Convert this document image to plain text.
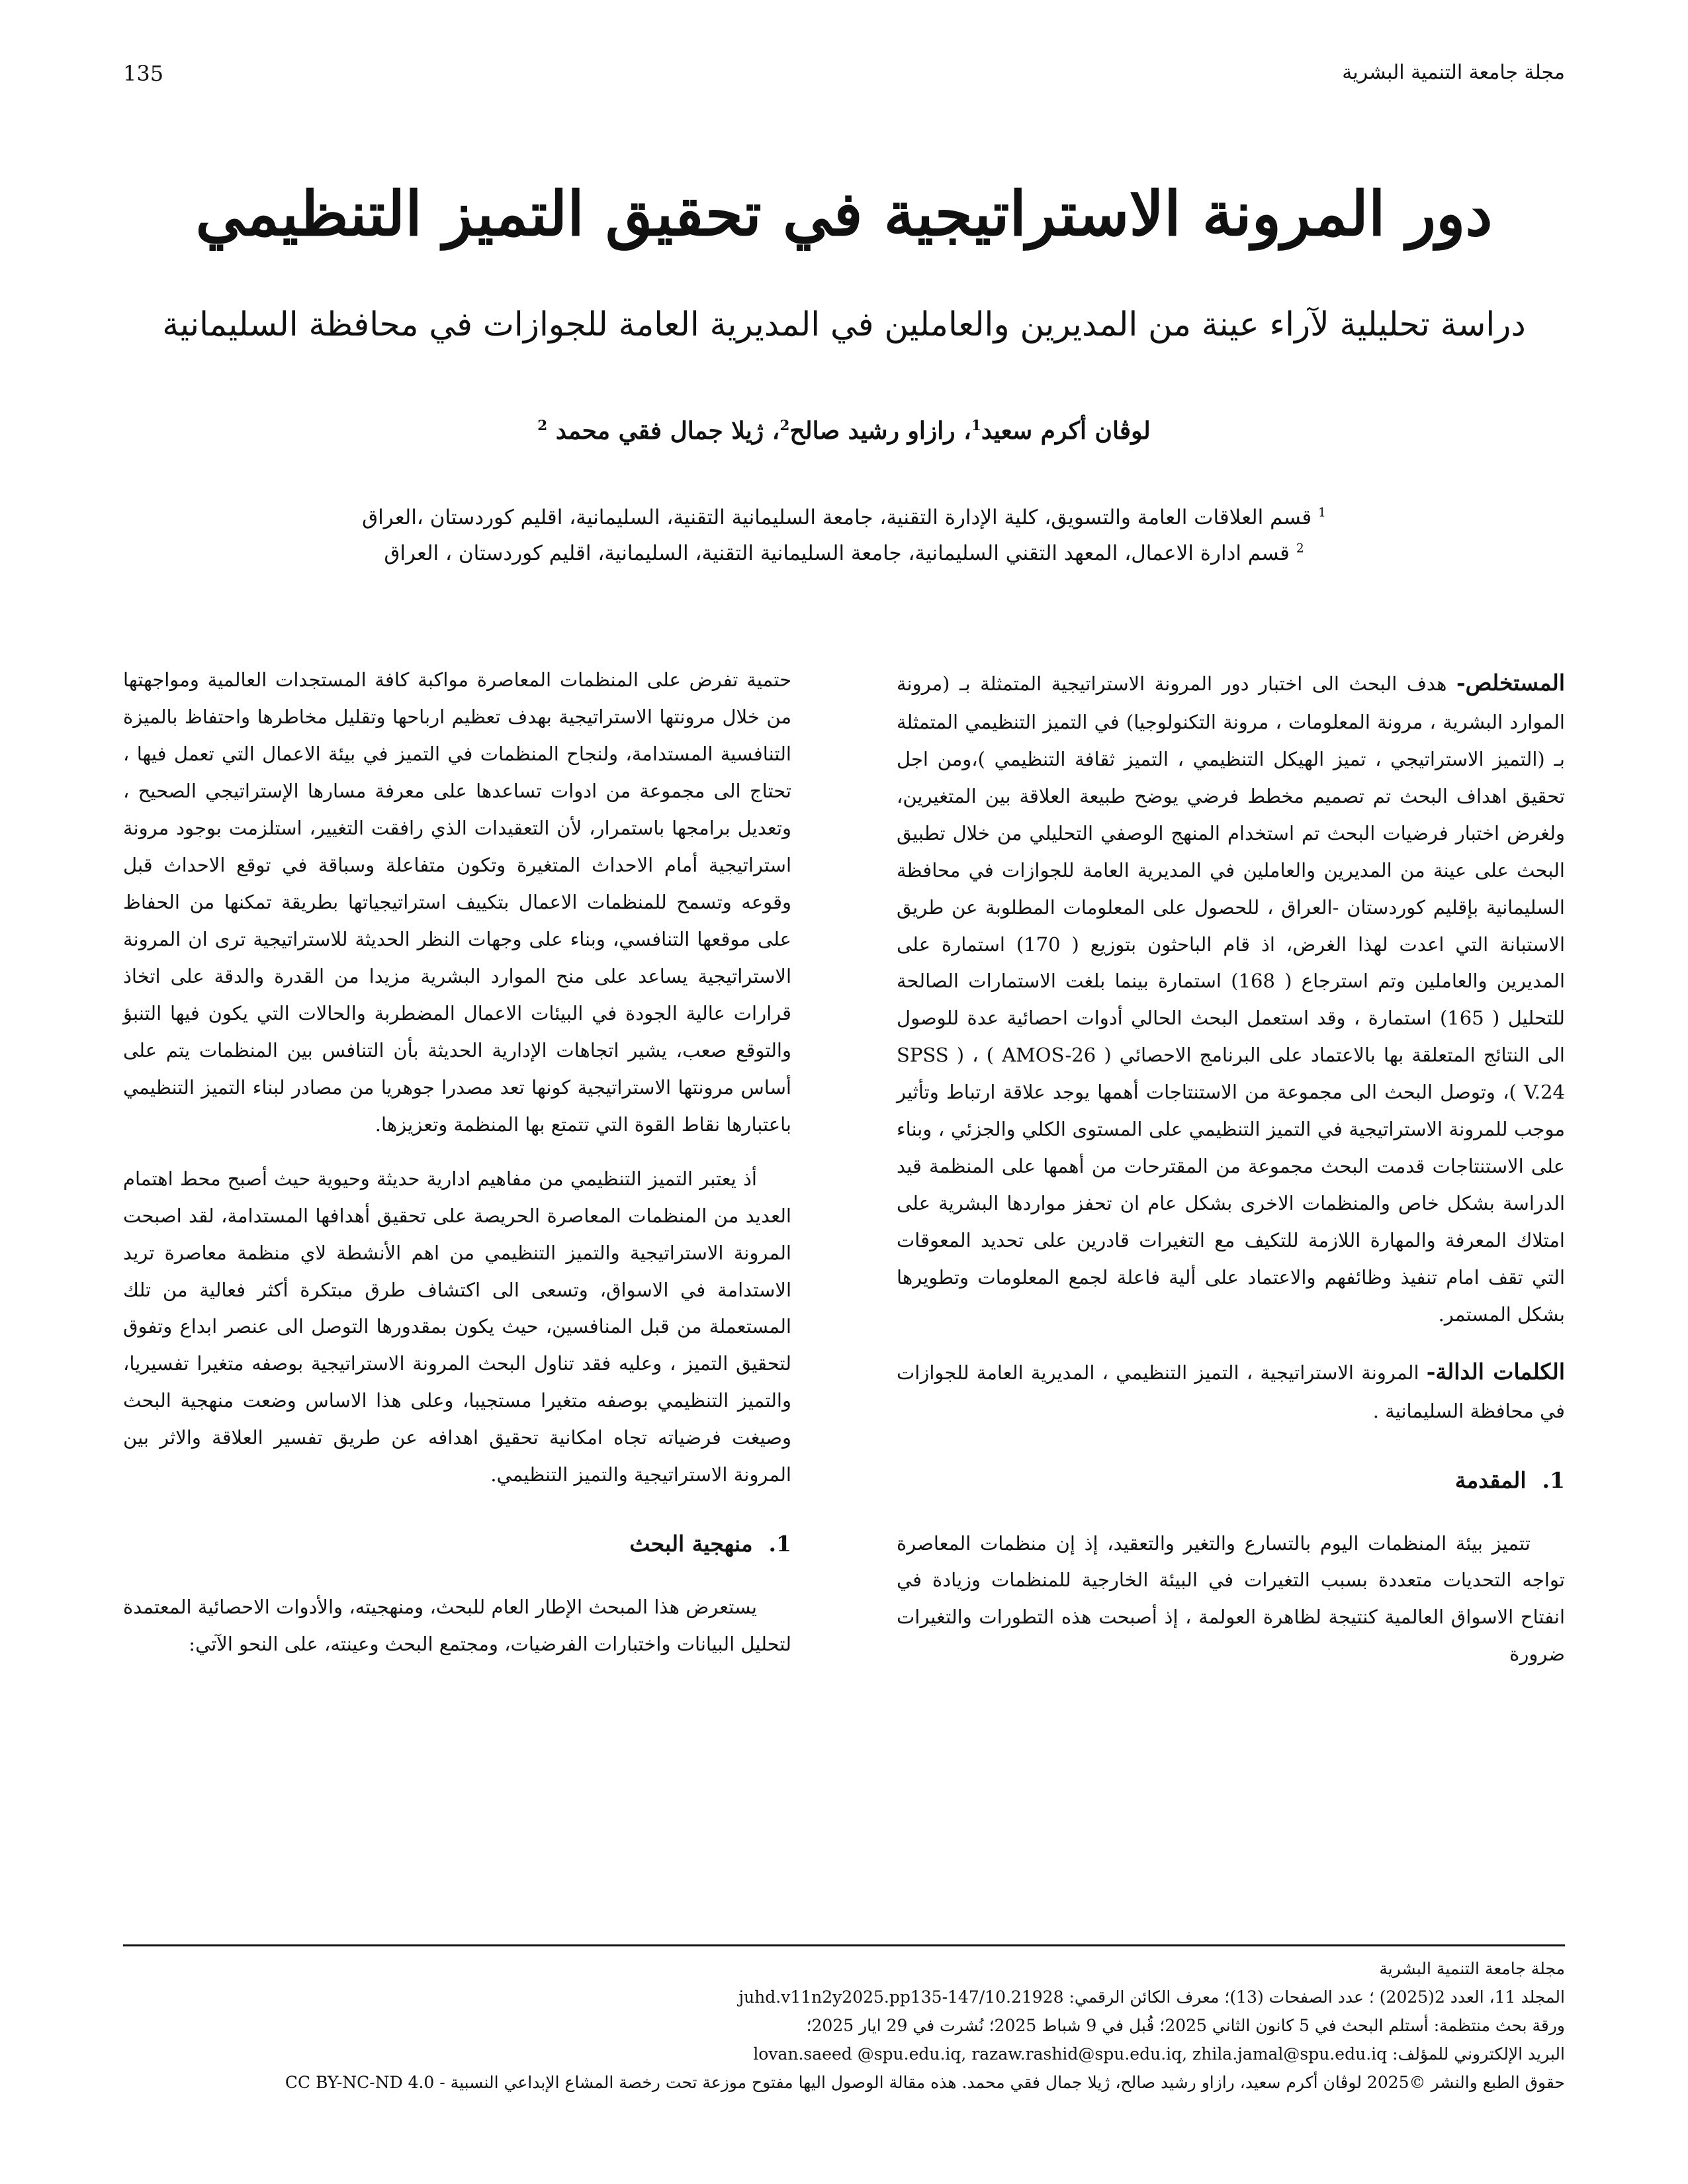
مجلة جامعة التنمية البشرية
135
دور المرونة الاستراتيجية في تحقيق التميز التنظيمي
دراسة تحليلية لآراء عينة من المديرين والعاملين في المديرية العامة للجوازات في محافظة السليمانية
لوڤان أكرم سعيد$^1$، رازاو رشيد صالح$^2$، ژيلا جمال فقي محمد $^2$
$^1$ قسم العلاقات العامة والتسويق، كلية الإدارة التقنية، جامعة السليمانية التقنية، السليمانية، اقليم كوردستان ،العراق
$^2$ قسم ادارة الاعمال، المعهد التقني السليمانية، جامعة السليمانية التقنية، السليمانية، اقليم كوردستان ، العراق

المستخلص- هدف البحث الى اختبار دور المرونة الاستراتيجية المتمثلة بـ (مرونة الموارد البشرية ، مرونة المعلومات ، مرونة التكنولوجيا) في التميز التنظيمي المتمثلة بـ (التميز الاستراتيجي ، تميز الهيكل التنظيمي ، التميز ثقافة التنظيمي )،ومن اجل تحقيق اهداف البحث تم تصميم مخطط فرضي يوضح طبيعة العلاقة بين المتغيرين، ولغرض اختبار فرضيات البحث تم استخدام المنهج الوصفي التحليلي من خلال تطبيق البحث على عينة من المديرين والعاملين في المديرية العامة للجوازات في محافظة السليمانية بإقليم كوردستان -العراق ، للحصول على المعلومات المطلوبة عن طريق الاستبانة التي اعدت لهذا الغرض، اذ قام الباحثون بتوزيع ( 170) استمارة على المديرين والعاملين وتم استرجاع ( 168) استمارة بينما بلغت الاستمارات الصالحة للتحليل ( 165) استمارة ، وقد استعمل البحث الحالي أدوات احصائية عدة للوصول الى النتائج المتعلقة بها بالاعتماد على البرنامج الاحصائي ( AMOS-26 ) ، ( SPSS V.24 )، وتوصل البحث الى مجموعة من الاستنتاجات أهمها يوجد علاقة ارتباط وتأثير موجب للمرونة الاستراتيجية في التميز التنظيمي على المستوى الكلي والجزئي ، وبناء على الاستنتاجات قدمت البحث مجموعة من المقترحات من أهمها على المنظمة قيد الدراسة بشكل خاص والمنظمات الاخرى بشكل عام ان تحفز مواردها البشرية على امتلاك المعرفة والمهارة اللازمة للتكيف مع التغيرات قادرين على تحديد المعوقات التي تقف امام تنفيذ وظائفهم والاعتماد على ألية فاعلة لجمع المعلومات وتطويرها بشكل المستمر.

الكلمات الدالة- المرونة الاستراتيجية ، التميز التنظيمي ، المديرية العامة للجوازات في محافظة السليمانية .

1.المقدمة

تتميز بيئة المنظمات اليوم بالتسارع والتغير والتعقيد، إذ إن منظمات المعاصرة تواجه التحديات متعددة بسبب التغيرات في البيئة الخارجية للمنظمات وزيادة في انفتاح الاسواق العالمية كنتيجة لظاهرة العولمة ، إذ أصبحت هذه التطورات والتغيرات ضرورة

حتمية تفرض على المنظمات المعاصرة مواكبة كافة المستجدات العالمية ومواجهتها من خلال مرونتها الاستراتيجية بهدف تعظيم ارباحها وتقليل مخاطرها واحتفاظ بالميزة التنافسية المستدامة، ولنجاح المنظمات في التميز في بيئة الاعمال التي تعمل فيها ، تحتاج الى مجموعة من ادوات تساعدها على معرفة مسارها الإستراتيجي الصحيح ، وتعديل برامجها باستمرار، لأن التعقيدات الذي رافقت التغيير، استلزمت بوجود مرونة استراتيجية أمام الاحداث المتغيرة وتكون متفاعلة وسباقة في توقع الاحداث قبل وقوعه وتسمح للمنظمات الاعمال بتكييف استراتيجياتها بطريقة تمكنها من الحفاظ على موقعها التنافسي، وبناء على وجهات النظر الحديثة للاستراتيجية ترى ان المرونة الاستراتيجية يساعد على منح الموارد البشرية مزيدا من القدرة والدقة على اتخاذ قرارات عالية الجودة في البيئات الاعمال المضطربة والحالات التي يكون فيها التنبؤ والتوقع صعب، يشير اتجاهات الإدارية الحديثة بأن التنافس بين المنظمات يتم على أساس مرونتها الاستراتيجية كونها تعد مصدرا جوهريا من مصادر لبناء التميز التنظيمي باعتبارها نقاط القوة التي تتمتع بها المنظمة وتعزيزها.

أذ يعتبر التميز التنظيمي من مفاهيم ادارية حديثة وحيوية حيث أصبح محط اهتمام العديد من المنظمات المعاصرة الحريصة على تحقيق أهدافها المستدامة، لقد اصبحت المرونة الاستراتيجية والتميز التنظيمي من اهم الأنشطة لاي منظمة معاصرة تريد الاستدامة في الاسواق، وتسعى الى اكتشاف طرق مبتكرة أكثر فعالية من تلك المستعملة من قبل المنافسين، حيث يكون بمقدورها التوصل الى عنصر ابداع وتفوق لتحقيق التميز ، وعليه فقد تناول البحث المرونة الاستراتيجية بوصفه متغيرا تفسيريا، والتميز التنظيمي بوصفه متغيرا مستجيبا، وعلى هذا الاساس وضعت منهجية البحث وصيغت فرضياته تجاه امكانية تحقيق اهدافه عن طريق تفسير العلاقة والاثر بين المرونة الاستراتيجية والتميز التنظيمي.

1.منهجية البحث

يستعرض هذا المبحث الإطار العام للبحث، ومنهجيته، والأدوات الاحصائية المعتمدة لتحليل البيانات واختبارات الفرضيات، ومجتمع البحث وعينته، على النحو الآتي:

مجلة جامعة التنمية البشرية
المجلد 11، العدد 2(2025) ؛ عدد الصفحات (13)؛ معرف الكائن الرقمي: 10.21928/juhd.v11n2y2025.pp135-147
ورقة بحث منتظمة: أستلم البحث في 5 كانون الثاني 2025؛ قُبل في 9 شباط 2025؛ نُشرت في 29 ايار 2025؛
البريد الإلكتروني للمؤلف: lovan.saeed @spu.edu.iq, razaw.rashid@spu.edu.iq, zhila.jamal@spu.edu.iq
حقوق الطبع والنشر ©2025 لوڤان أكرم سعيد، رازاو رشيد صالح، ژيلا جمال فقي محمد. هذه مقالة الوصول اليها مفتوح موزعة تحت رخصة المشاع الإبداعي النسبية - CC BY-NC-ND 4.0
